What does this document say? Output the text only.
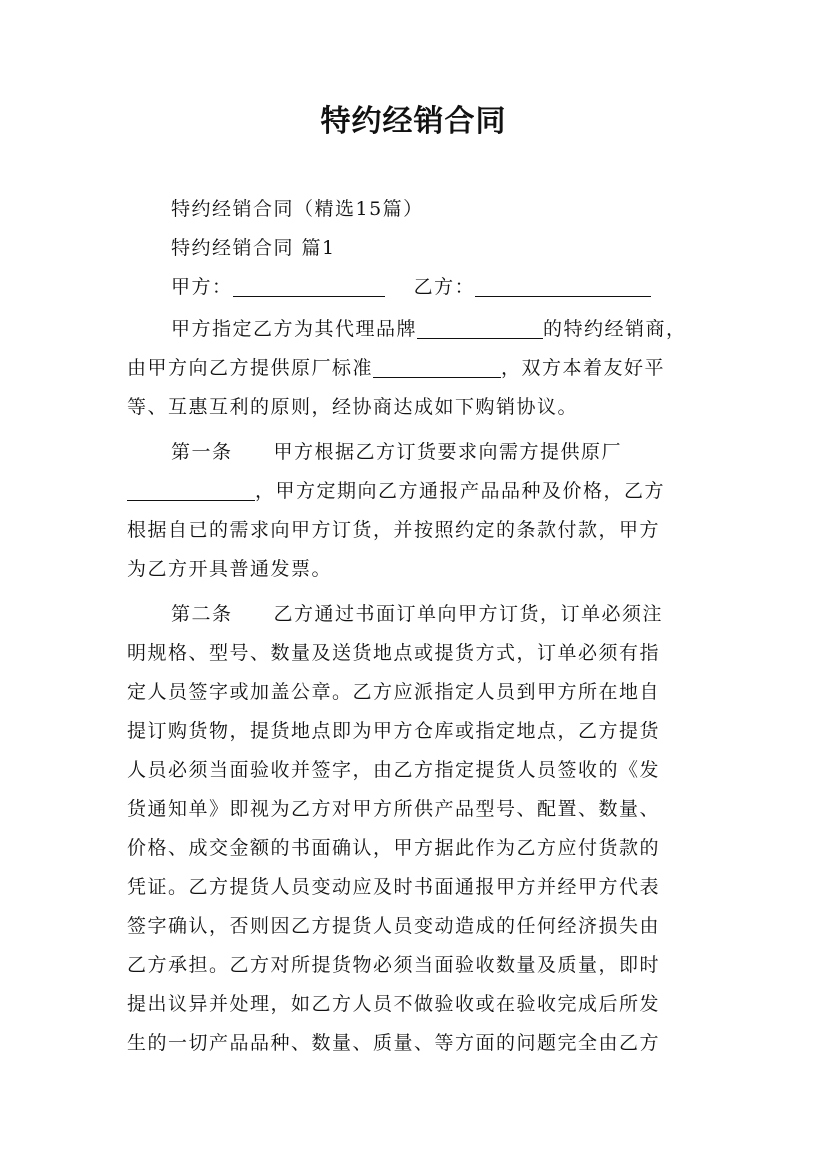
特约经销合同
特约经销合同（精选15篇）
特约经销合同 篇1
甲方：	乙方：
甲方指定乙方为其代理品牌	的特约经销商，
由甲方向乙方提供原厂标准	，双方本着友好平
等、互惠互利的原则，经协商达成如下购销协议。
第一条　　甲方根据乙方订货要求向需方提供原厂
，甲方定期向乙方通报产品品种及价格，乙方
根据自已的需求向甲方订货，并按照约定的条款付款，甲方
为乙方开具普通发票。
第二条　　乙方通过书面订单向甲方订货，订单必须注
明规格、型号、数量及送货地点或提货方式，订单必须有指
定人员签字或加盖公章。乙方应派指定人员到甲方所在地自
提订购货物，提货地点即为甲方仓库或指定地点，乙方提货
人员必须当面验收并签字，由乙方指定提货人员签收的《发
货通知单》即视为乙方对甲方所供产品型号、配置、数量、
价格、成交金额的书面确认，甲方据此作为乙方应付货款的
凭证。乙方提货人员变动应及时书面通报甲方并经甲方代表
签字确认，否则因乙方提货人员变动造成的任何经济损失由
乙方承担。乙方对所提货物必须当面验收数量及质量，即时
提出议异并处理，如乙方人员不做验收或在验收完成后所发
生的一切产品品种、数量、质量、等方面的问题完全由乙方
